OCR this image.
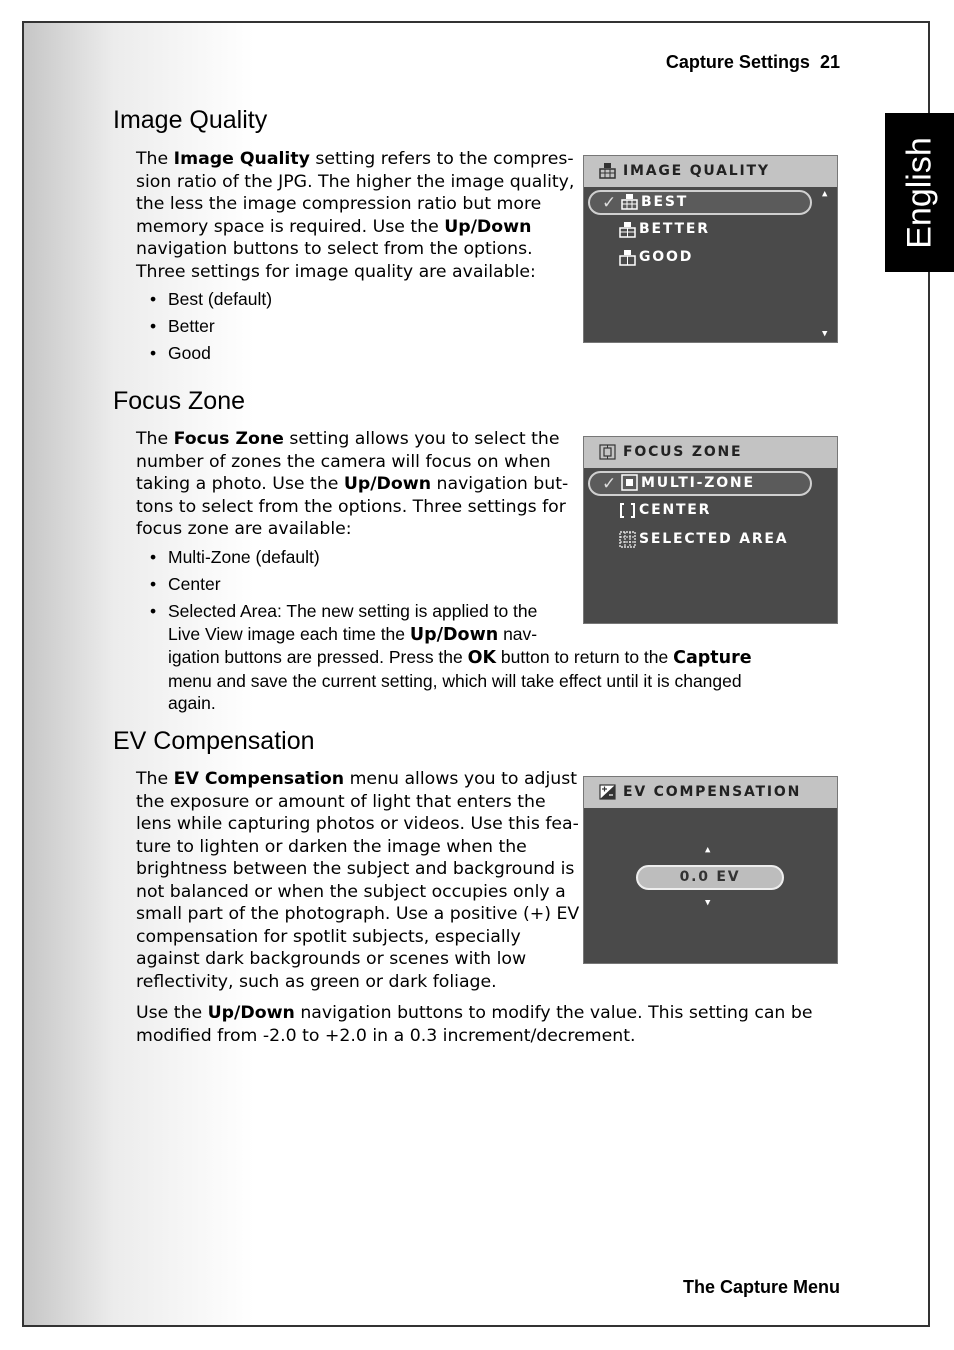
Capture Settings 21
English
Image Quality
The Image Quality setting refers to the compres-
sion ratio of the JPG. The higher the image quality,
the less the image compression ratio but more
memory space is required. Use the Up/Down
navigation buttons to select from the options.
Three settings for image quality are available:
• Best (default)
• Better
• Good
IMAGE QUALITY
✓ BEST
BETTER
GOOD
▲
▼
Focus Zone
The Focus Zone setting allows you to select the
number of zones the camera will focus on when
taking a photo. Use the Up/Down navigation but-
tons to select from the options. Three settings for
focus zone are available:
• Multi-Zone (default)
• Center
• Selected Area: The new setting is applied to the
Live View image each time the Up/Down nav-
igation buttons are pressed. Press the OK button to return to the Capture
menu and save the current setting, which will take effect until it is changed
again.
FOCUS ZONE
✓ MULTI-ZONE
CENTER
SELECTED AREA
EV Compensation
The EV Compensation menu allows you to adjust
the exposure or amount of light that enters the
lens while capturing photos or videos. Use this fea-
ture to lighten or darken the image when the
brightness between the subject and background is
not balanced or when the subject occupies only a
small part of the photograph. Use a positive (+) EV
compensation for spotlit subjects, especially
against dark backgrounds or scenes with low
reflectivity, such as green or dark foliage.
Use the Up/Down navigation buttons to modify the value. This setting can be
modified from -2.0 to +2.0 in a 0.3 increment/decrement.
EV COMPENSATION
▲
0.0 EV
▼
The Capture Menu
